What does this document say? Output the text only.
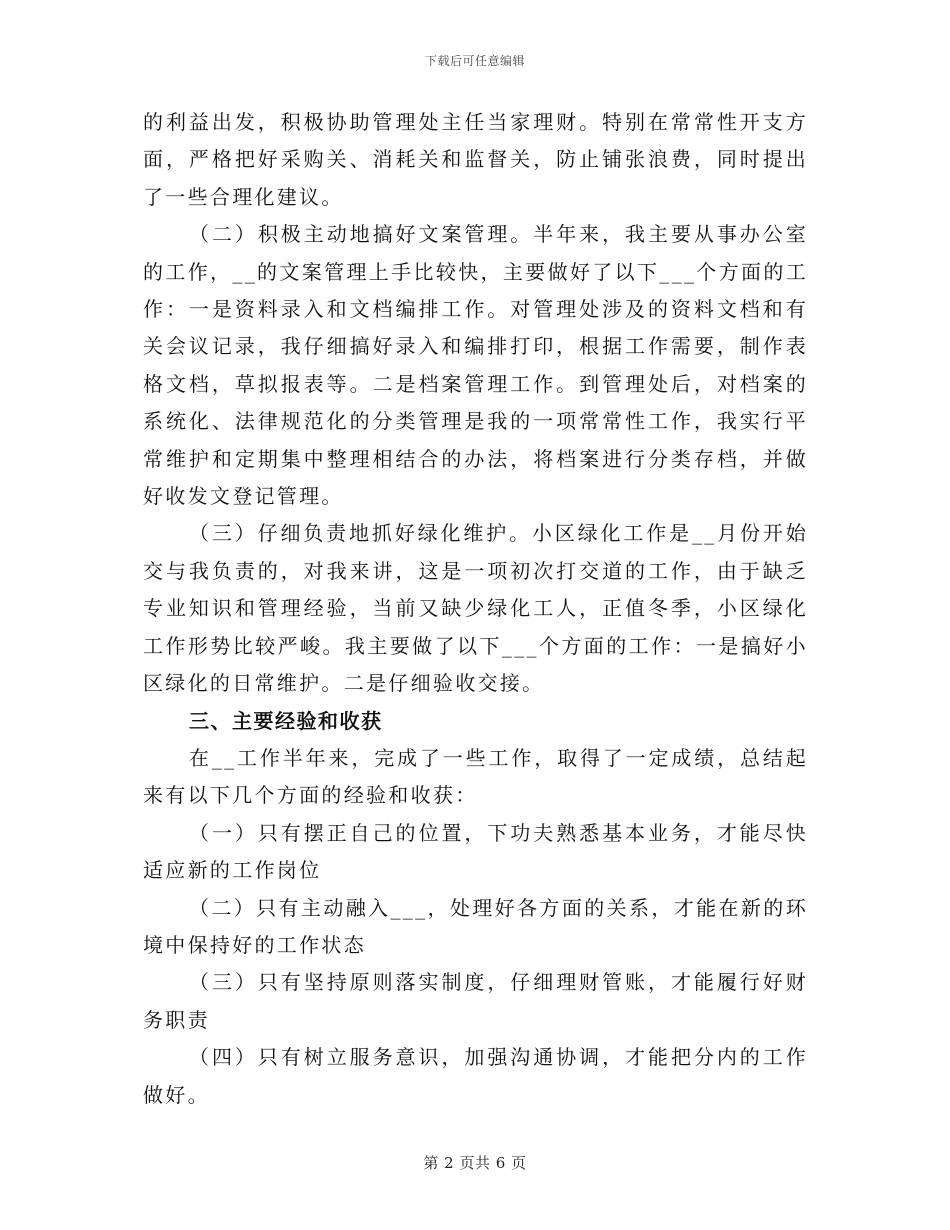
下载后可任意编辑

的利益出发，积极协助管理处主任当家理财。特别在常常性开支方面，严格把好采购关、消耗关和监督关，防止铺张浪费，同时提出了一些合理化建议。

（二）积极主动地搞好文案管理。半年来，我主要从事办公室的工作，__的文案管理上手比较快，主要做好了以下___个方面的工作：一是资料录入和文档编排工作。对管理处涉及的资料文档和有关会议记录，我仔细搞好录入和编排打印，根据工作需要，制作表格文档，草拟报表等。二是档案管理工作。到管理处后，对档案的系统化、法律规范化的分类管理是我的一项常常性工作，我实行平常维护和定期集中整理相结合的办法，将档案进行分类存档，并做好收发文登记管理。

（三）仔细负责地抓好绿化维护。小区绿化工作是__月份开始交与我负责的，对我来讲，这是一项初次打交道的工作，由于缺乏专业知识和管理经验，当前又缺少绿化工人，正值冬季，小区绿化工作形势比较严峻。我主要做了以下___个方面的工作：一是搞好小区绿化的日常维护。二是仔细验收交接。

三、主要经验和收获

在__工作半年来，完成了一些工作，取得了一定成绩，总结起来有以下几个方面的经验和收获：

（一）只有摆正自己的位置，下功夫熟悉基本业务，才能尽快适应新的工作岗位

（二）只有主动融入___，处理好各方面的关系，才能在新的环境中保持好的工作状态

（三）只有坚持原则落实制度，仔细理财管账，才能履行好财务职责

（四）只有树立服务意识，加强沟通协调，才能把分内的工作做好。

第 2 页共 6 页
